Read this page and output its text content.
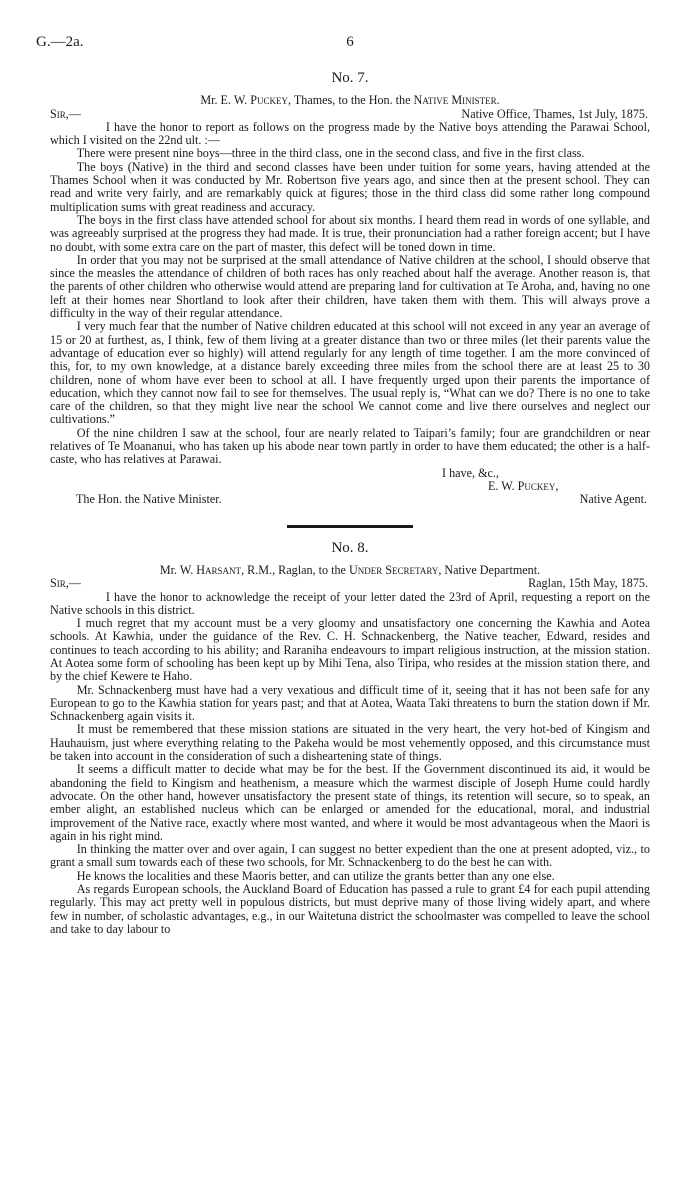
G.—2a.	6
No. 7.
Mr. E. W. Puckey, Thames, to the Hon. the Native Minister.
Sir,—	Native Office, Thames, 1st July, 1875.

I have the honor to report as follows on the progress made by the Native boys attending the Parawai School, which I visited on the 22nd ult. :—

There were present nine boys—three in the third class, one in the second class, and five in the first class.

The boys (Native) in the third and second classes have been under tuition for some years, having attended at the Thames School when it was conducted by Mr. Robertson five years ago, and since then at the present school. They can read and write very fairly, and are remarkably quick at figures; those in the third class did some rather long compound multiplication sums with great readiness and accuracy.

The boys in the first class have attended school for about six months. I heard them read in words of one syllable, and was agreeably surprised at the progress they had made. It is true, their pronunciation had a rather foreign accent; but I have no doubt, with some extra care on the part of master, this defect will be toned down in time.

In order that you may not be surprised at the small attendance of Native children at the school, I should observe that since the measles the attendance of children of both races has only reached about half the average. Another reason is, that the parents of other children who otherwise would attend are preparing land for cultivation at Te Aroha, and, having no one left at their homes near Shortland to look after their children, have taken them with them. This will always prove a difficulty in the way of their regular attendance.

I very much fear that the number of Native children educated at this school will not exceed in any year an average of 15 or 20 at furthest, as, I think, few of them living at a greater distance than two or three miles (let their parents value the advantage of education ever so highly) will attend regularly for any length of time together. I am the more convinced of this, for, to my own knowledge, at a distance barely exceeding three miles from the school there are at least 25 to 30 children, none of whom have ever been to school at all. I have frequently urged upon their parents the importance of education, which they cannot now fail to see for themselves. The usual reply is, “What can we do? There is no one to take care of the children, so that they might live near the school We cannot come and live there ourselves and neglect our cultivations.”

Of the nine children I saw at the school, four are nearly related to Taipari’s family; four are grandchildren or near relatives of Te Moananui, who has taken up his abode near town partly in order to have them educated; the other is a half-caste, who has relatives at Parawai.

I have, &c.,
E. W. Puckey,
Native Agent.
The Hon. the Native Minister.
No. 8.
Mr. W. Harsant, R.M., Raglan, to the Under Secretary, Native Department.
Sir,—	Raglan, 15th May, 1875.

I have the honor to acknowledge the receipt of your letter dated the 23rd of April, requesting a report on the Native schools in this district.

I much regret that my account must be a very gloomy and unsatisfactory one concerning the Kawhia and Aotea schools. At Kawhia, under the guidance of the Rev. C. H. Schnackenberg, the Native teacher, Edward, resides and continues to teach according to his ability; and Raraniha endeavours to impart religious instruction, at the mission station. At Aotea some form of schooling has been kept up by Mihi Tena, also Tiripa, who resides at the mission station there, and by the chief Kewere te Haho.

Mr. Schnackenberg must have had a very vexatious and difficult time of it, seeing that it has not been safe for any European to go to the Kawhia station for years past; and that at Aotea, Waata Taki threatens to burn the station down if Mr. Schnackenberg again visits it.

It must be remembered that these mission stations are situated in the very heart, the very hot-bed of Kingism and Hauhauism, just where everything relating to the Pakeha would be most vehemently opposed, and this circumstance must be taken into account in the consideration of such a disheartening state of things.

It seems a difficult matter to decide what may be for the best. If the Government discontinued its aid, it would be abandoning the field to Kingism and heathenism, a measure which the warmest disciple of Joseph Hume could hardly advocate. On the other hand, however unsatisfactory the present state of things, its retention will secure, so to speak, an ember alight, an established nucleus which can be enlarged or amended for the educational, moral, and industrial improvement of the Native race, exactly where most wanted, and where it would be most advantageous when the Maori is again in his right mind.

In thinking the matter over and over again, I can suggest no better expedient than the one at present adopted, viz., to grant a small sum towards each of these two schools, for Mr. Schnackenberg to do the best he can with.

He knows the localities and these Maoris better, and can utilize the grants better than any one else.

As regards European schools, the Auckland Board of Education has passed a rule to grant £4 for each pupil attending regularly. This may act pretty well in populous districts, but must deprive many of those living widely apart, and where few in number, of scholastic advantages, e.g., in our Waitetuna district the schoolmaster was compelled to leave the school and take to day labour to
